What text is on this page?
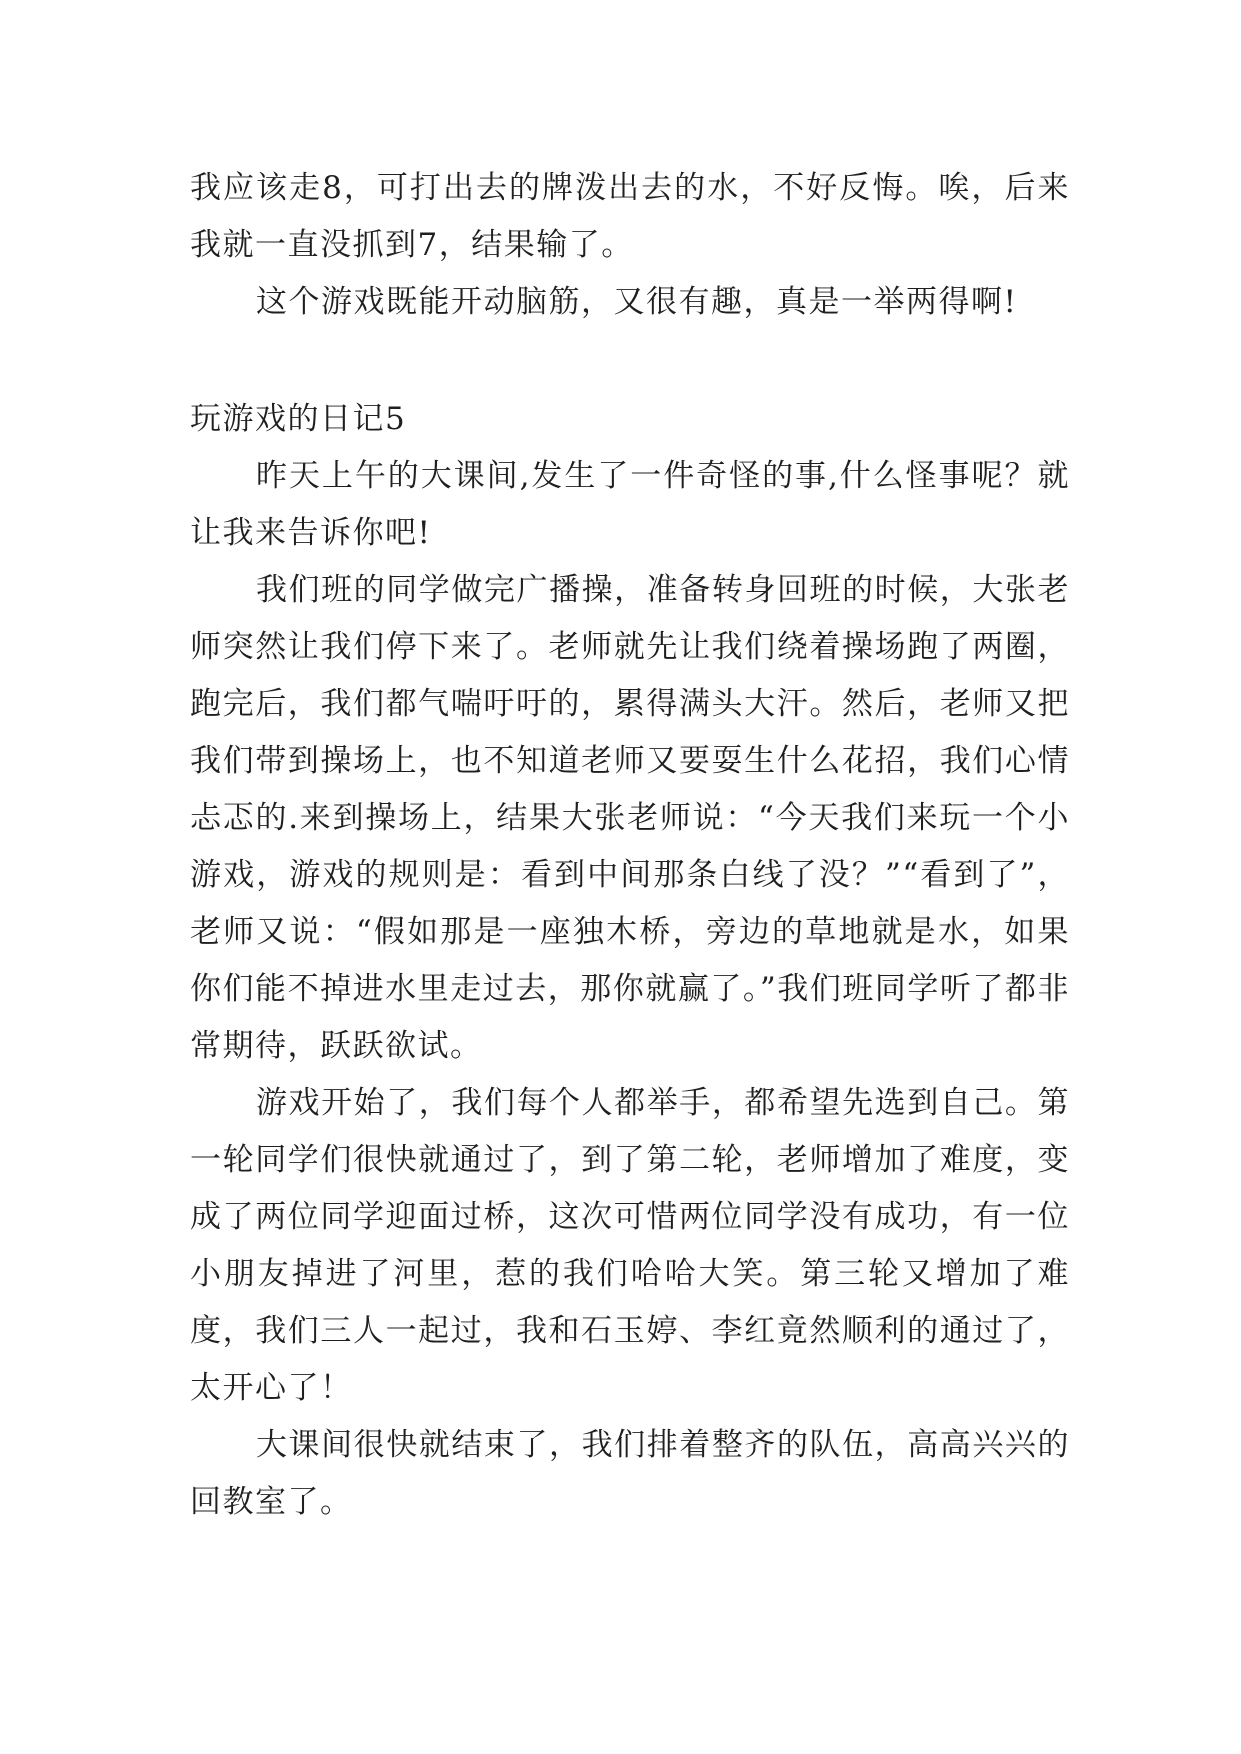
我应该走8，可打出去的牌泼出去的水，不好反悔。唉，后来我就一直没抓到7，结果输了。

这个游戏既能开动脑筋，又很有趣，真是一举两得啊!

玩游戏的日记5

昨天上午的大课间,发生了一件奇怪的事,什么怪事呢？就让我来告诉你吧!

我们班的同学做完广播操，准备转身回班的时候，大张老师突然让我们停下来了。老师就先让我们绕着操场跑了两圈，跑完后，我们都气喘吁吁的，累得满头大汗。然后，老师又把我们带到操场上，也不知道老师又要耍生什么花招，我们心情忐忑的.来到操场上，结果大张老师说：“今天我们来玩一个小游戏，游戏的规则是：看到中间那条白线了没？”“看到了”，老师又说：“假如那是一座独木桥，旁边的草地就是水，如果你们能不掉进水里走过去，那你就赢了。”我们班同学听了都非常期待，跃跃欲试。

游戏开始了，我们每个人都举手，都希望先选到自己。第一轮同学们很快就通过了，到了第二轮，老师增加了难度，变成了两位同学迎面过桥，这次可惜两位同学没有成功，有一位小朋友掉进了河里，惹的我们哈哈大笑。第三轮又增加了难度，我们三人一起过，我和石玉婷、李红竟然顺利的通过了，太开心了！

大课间很快就结束了，我们排着整齐的队伍，高高兴兴的回教室了。
